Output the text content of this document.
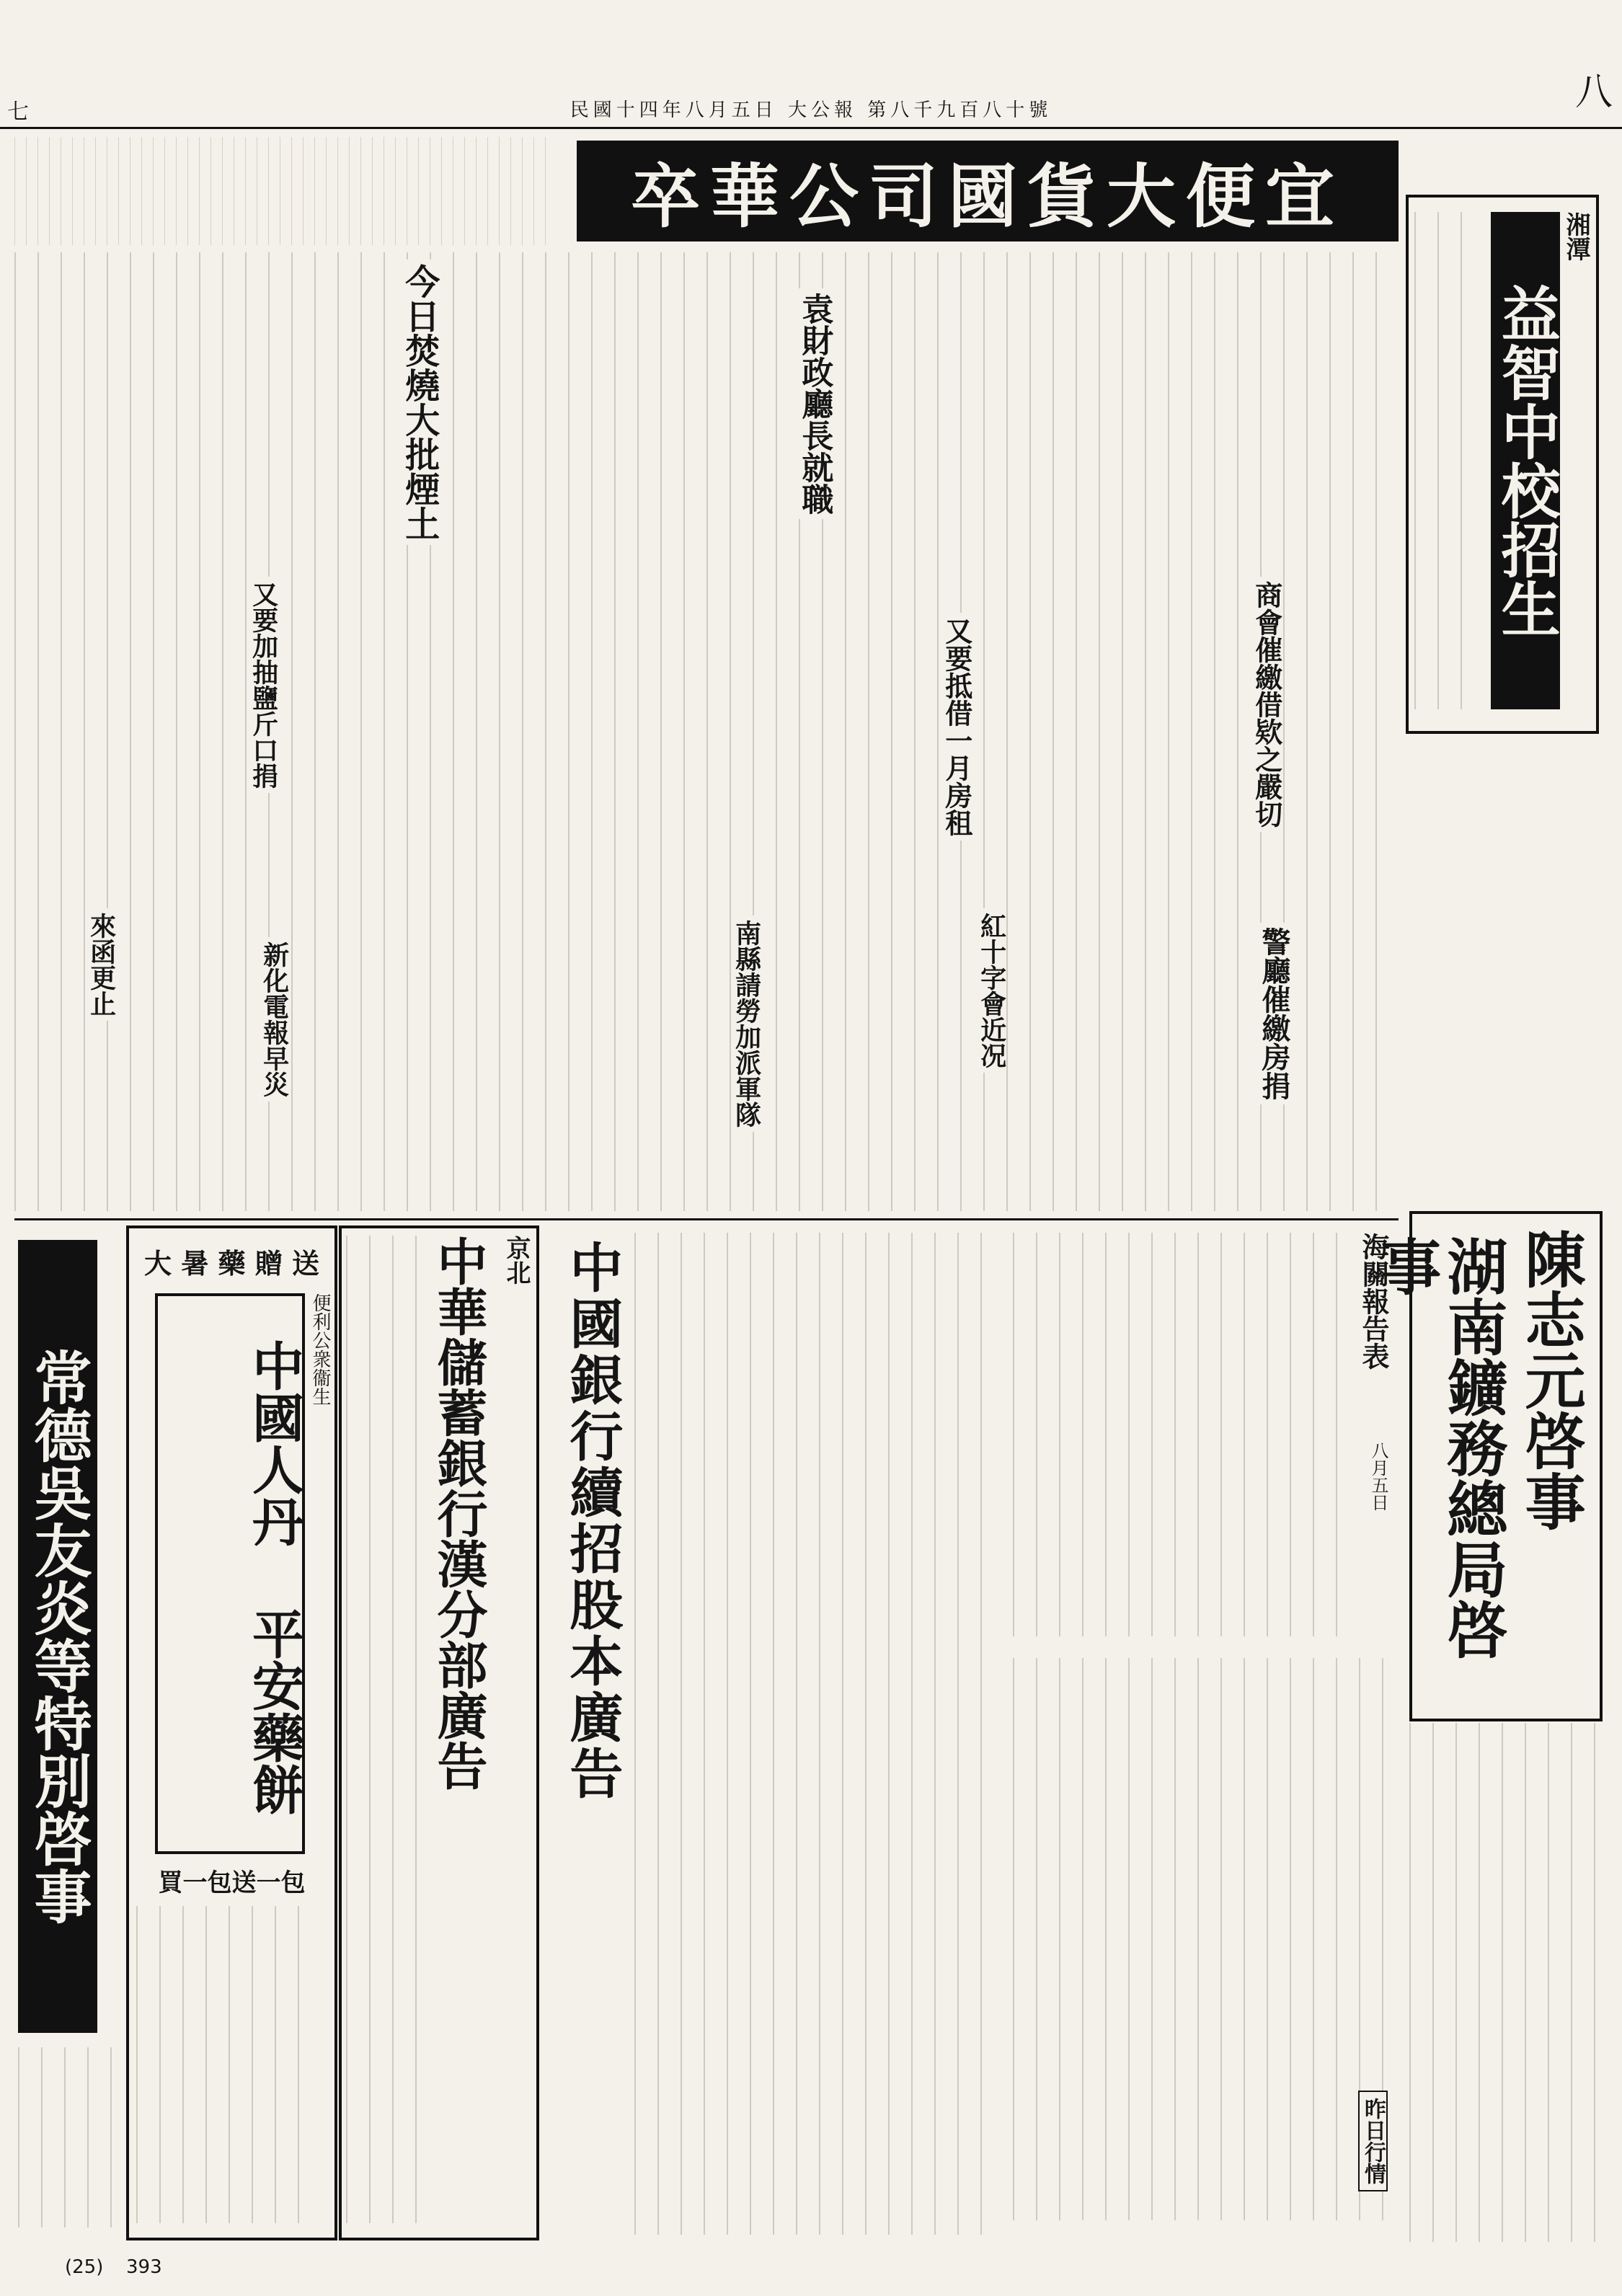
民國十四年八月五日 大公報 第八千九百八十號
七	八
卒華公司國貨大便宜	湘潭
益智中校招生
袁財政廳長就職
今日焚燒大批煙土
又要加抽鹽斤口捐	商會催繳借欵之嚴切
又要抵借一月房租
警廳催繳房捐
紅十字會近况
南縣請勞加派軍隊
新化電報早災
來函更止
陳志元啓事
湖南鑛務總局啓事
海關報告表
八月五日
昨日行情
中國銀行續招股本廣告
京北
中華儲蓄銀行漢分部廣告
大 暑 藥 贈 送
中國人丹 平安藥餅 便利公衆衞生
買一包送一包
常德吳友炎等特別啓事
(25) 393
